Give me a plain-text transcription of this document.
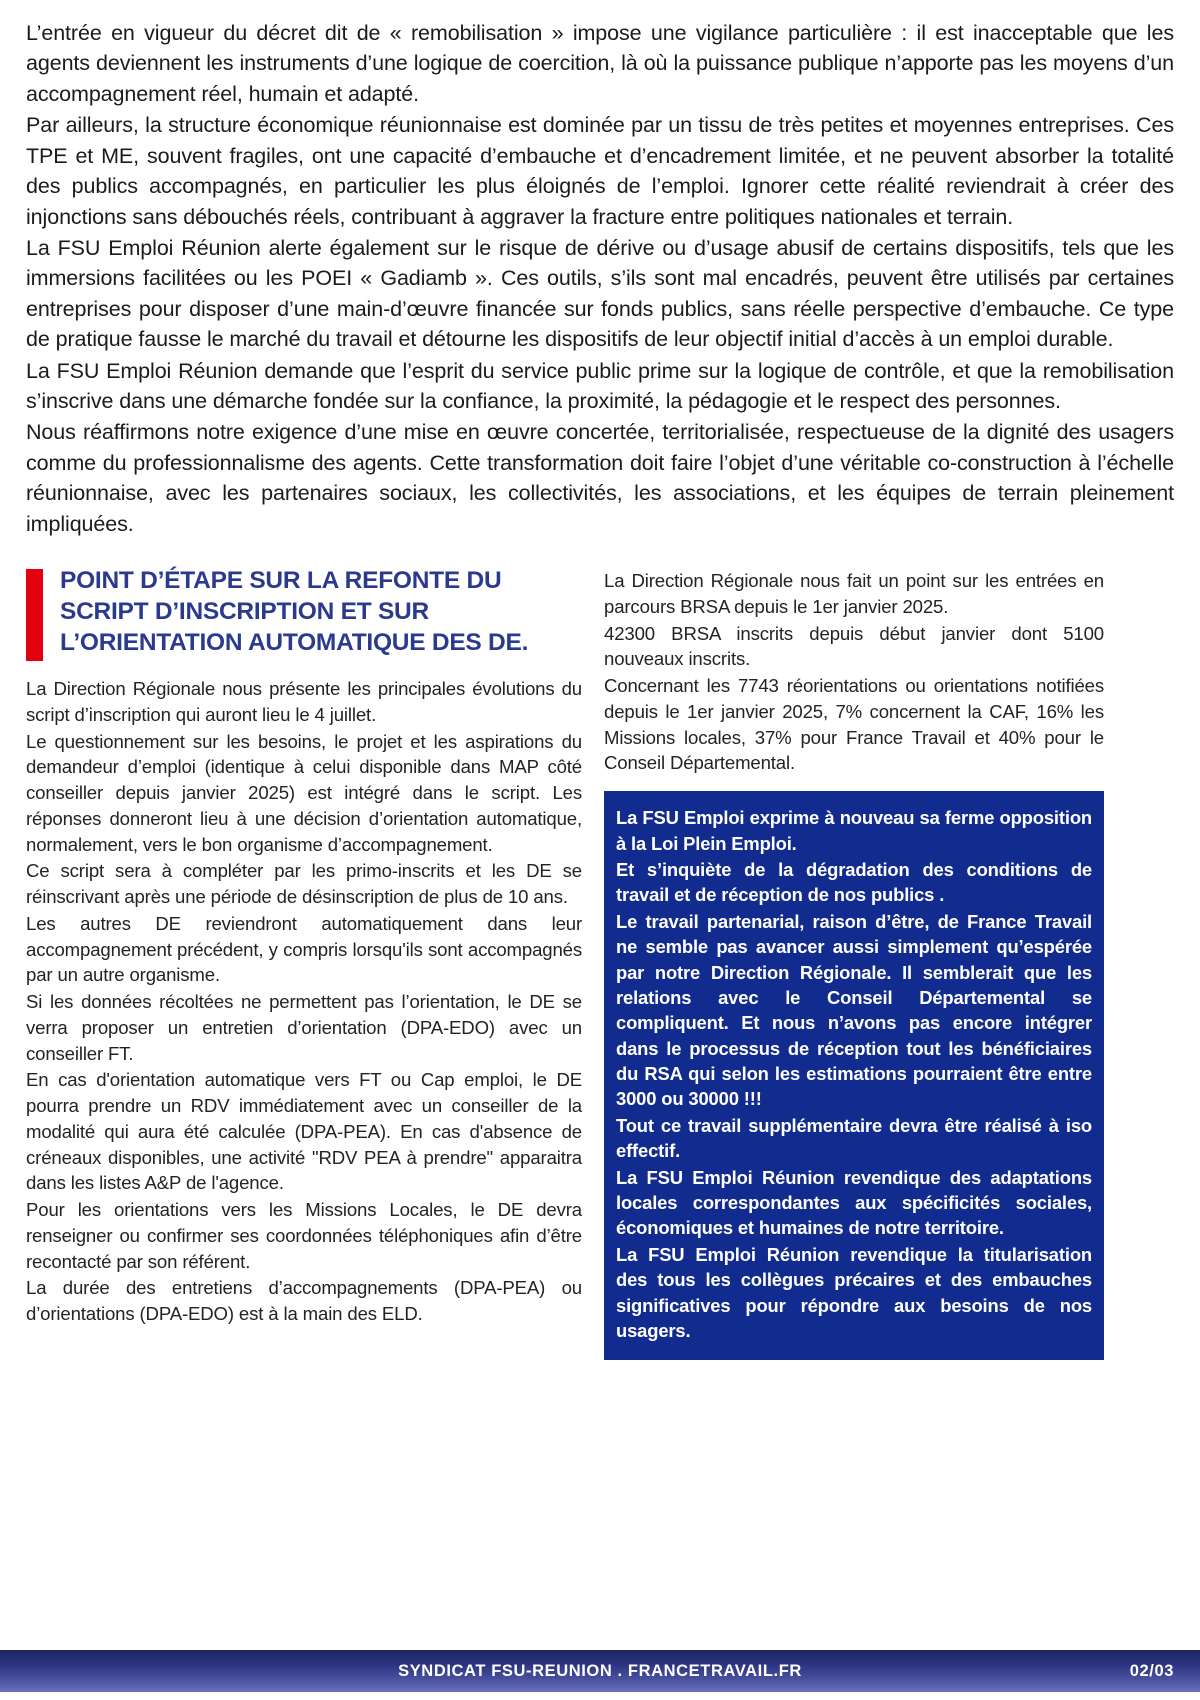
L’entrée en vigueur du décret dit de « remobilisation » impose une vigilance particulière : il est inacceptable que les agents deviennent les instruments d’une logique de coercition, là où la puissance publique n’apporte pas les moyens d’un accompagnement réel, humain et adapté.

Par ailleurs, la structure économique réunionnaise est dominée par un tissu de très petites et moyennes entreprises. Ces TPE et ME, souvent fragiles, ont une capacité d’embauche et d’encadrement limitée, et ne peuvent absorber la totalité des publics accompagnés, en particulier les plus éloignés de l’emploi. Ignorer cette réalité reviendrait à créer des injonctions sans débouchés réels, contribuant à aggraver la fracture entre politiques nationales et terrain.

La FSU Emploi Réunion alerte également sur le risque de dérive ou d’usage abusif de certains dispositifs, tels que les immersions facilitées ou les POEI « Gadiamb ». Ces outils, s’ils sont mal encadrés, peuvent être utilisés par certaines entreprises pour disposer d’une main-d’œuvre financée sur fonds publics, sans réelle perspective d’embauche. Ce type de pratique fausse le marché du travail et détourne les dispositifs de leur objectif initial d’accès à un emploi durable.

La FSU Emploi Réunion demande que l’esprit du service public prime sur la logique de contrôle, et que la remobilisation s’inscrive dans une démarche fondée sur la confiance, la proximité, la pédagogie et le respect des personnes.

Nous réaffirmons notre exigence d’une mise en œuvre concertée, territorialisée, respectueuse de la dignité des usagers comme du professionnalisme des agents. Cette transformation doit faire l’objet d’une véritable co-construction à l’échelle réunionnaise, avec les partenaires sociaux, les collectivités, les associations, et les équipes de terrain pleinement impliquées.

POINT D’ÉTAPE SUR LA REFONTE DU SCRIPT D’INSCRIPTION ET SUR L’ORIENTATION AUTOMATIQUE DES DE.

La Direction Régionale nous présente les principales évolutions du script d’inscription qui auront lieu le 4 juillet.

Le questionnement sur les besoins, le projet et les aspirations du demandeur d’emploi (identique à celui disponible dans MAP côté conseiller depuis janvier 2025) est intégré dans le script. Les réponses donneront lieu à une décision d’orientation automatique, normalement, vers le bon organisme d’accompagnement.

Ce script sera à compléter par les primo-inscrits et les DE se réinscrivant après une période de désinscription de plus de 10 ans.

Les autres DE reviendront automatiquement dans leur accompagnement précédent, y compris lorsqu'ils sont accompagnés par un autre organisme.

Si les données récoltées ne permettent pas l’orientation, le DE se verra proposer un entretien d’orientation (DPA-EDO) avec un conseiller FT.

En cas d'orientation automatique vers FT ou Cap emploi, le DE pourra prendre un RDV immédiatement avec un conseiller de la modalité qui aura été calculée (DPA-PEA). En cas d'absence de créneaux disponibles, une activité "RDV PEA à prendre" apparaitra dans les listes A&P de l'agence.

Pour les orientations vers les Missions Locales, le DE devra renseigner ou confirmer ses coordonnées téléphoniques afin d’être recontacté par son référent.

La durée des entretiens d’accompagnements (DPA-PEA) ou d’orientations (DPA-EDO) est à la main des ELD.

La Direction Régionale nous fait un point sur les entrées en parcours BRSA depuis le 1er janvier 2025.

42300 BRSA inscrits depuis début janvier dont 5100 nouveaux inscrits.

Concernant les 7743 réorientations ou orientations notifiées depuis le 1er janvier 2025, 7% concernent la CAF, 16% les Missions locales, 37% pour France Travail et 40% pour le Conseil Départemental.

La FSU Emploi exprime à nouveau sa ferme opposition à la Loi Plein Emploi.

Et s’inquiète de la dégradation des conditions de travail et de réception de nos publics .

Le travail partenarial, raison d’être, de France Travail ne semble pas avancer aussi simplement qu’espérée par notre Direction Régionale. Il semblerait que les relations avec le Conseil Départemental se compliquent. Et nous n’avons pas encore intégrer dans le processus de réception tout les bénéficiaires du RSA qui selon les estimations pourraient être entre 3000 ou 30000 !!!

Tout ce travail supplémentaire devra être réalisé à iso effectif.

La FSU Emploi Réunion revendique des adaptations locales correspondantes aux spécificités sociales, économiques et humaines de notre territoire.

La FSU Emploi Réunion revendique la titularisation des tous les collègues précaires et des embauches significatives pour répondre aux besoins de nos usagers.

SYNDICAT FSU-REUNION . FRANCETRAVAIL.FR	02/03
